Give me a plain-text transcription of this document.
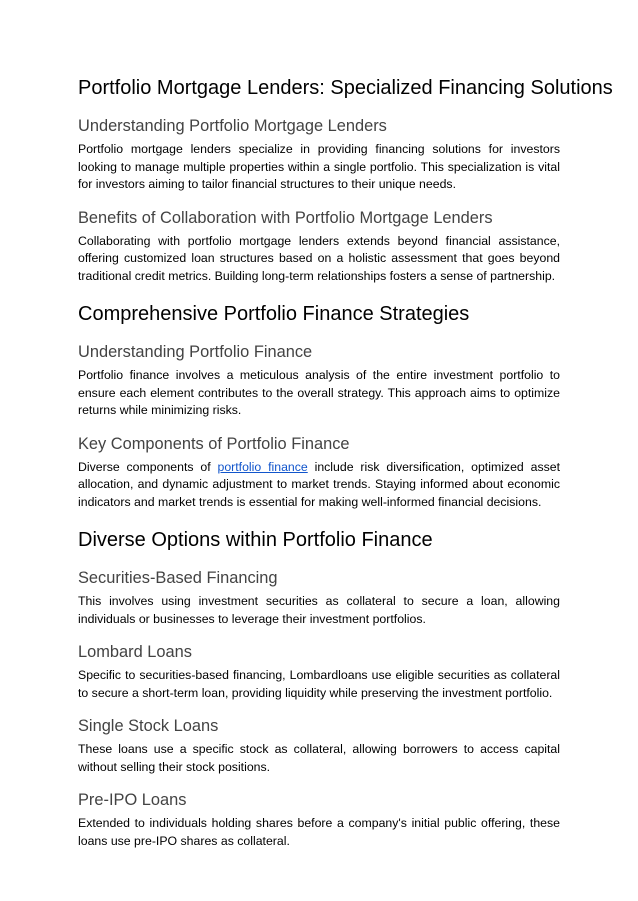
Portfolio Mortgage Lenders: Specialized Financing Solutions
Understanding Portfolio Mortgage Lenders

Portfolio mortgage lenders specialize in providing financing solutions for investors looking to manage multiple properties within a single portfolio. This specialization is vital for investors aiming to tailor financial structures to their unique needs.

Benefits of Collaboration with Portfolio Mortgage Lenders

Collaborating with portfolio mortgage lenders extends beyond financial assistance, offering customized loan structures based on a holistic assessment that goes beyond traditional credit metrics. Building long-term relationships fosters a sense of partnership.

Comprehensive Portfolio Finance Strategies
Understanding Portfolio Finance

Portfolio finance involves a meticulous analysis of the entire investment portfolio to ensure each element contributes to the overall strategy. This approach aims to optimize returns while minimizing risks.

Key Components of Portfolio Finance

Diverse components of portfolio finance include risk diversification, optimized asset allocation, and dynamic adjustment to market trends. Staying informed about economic indicators and market trends is essential for making well-informed financial decisions.

Diverse Options within Portfolio Finance
Securities-Based Financing

This involves using investment securities as collateral to secure a loan, allowing individuals or businesses to leverage their investment portfolios.

Lombard Loans

Specific to securities-based financing, Lombardloans use eligible securities as collateral to secure a short-term loan, providing liquidity while preserving the investment portfolio.

Single Stock Loans

These loans use a specific stock as collateral, allowing borrowers to access capital without selling their stock positions.

Pre-IPO Loans

Extended to individuals holding shares before a company's initial public offering, these loans use pre-IPO shares as collateral.
